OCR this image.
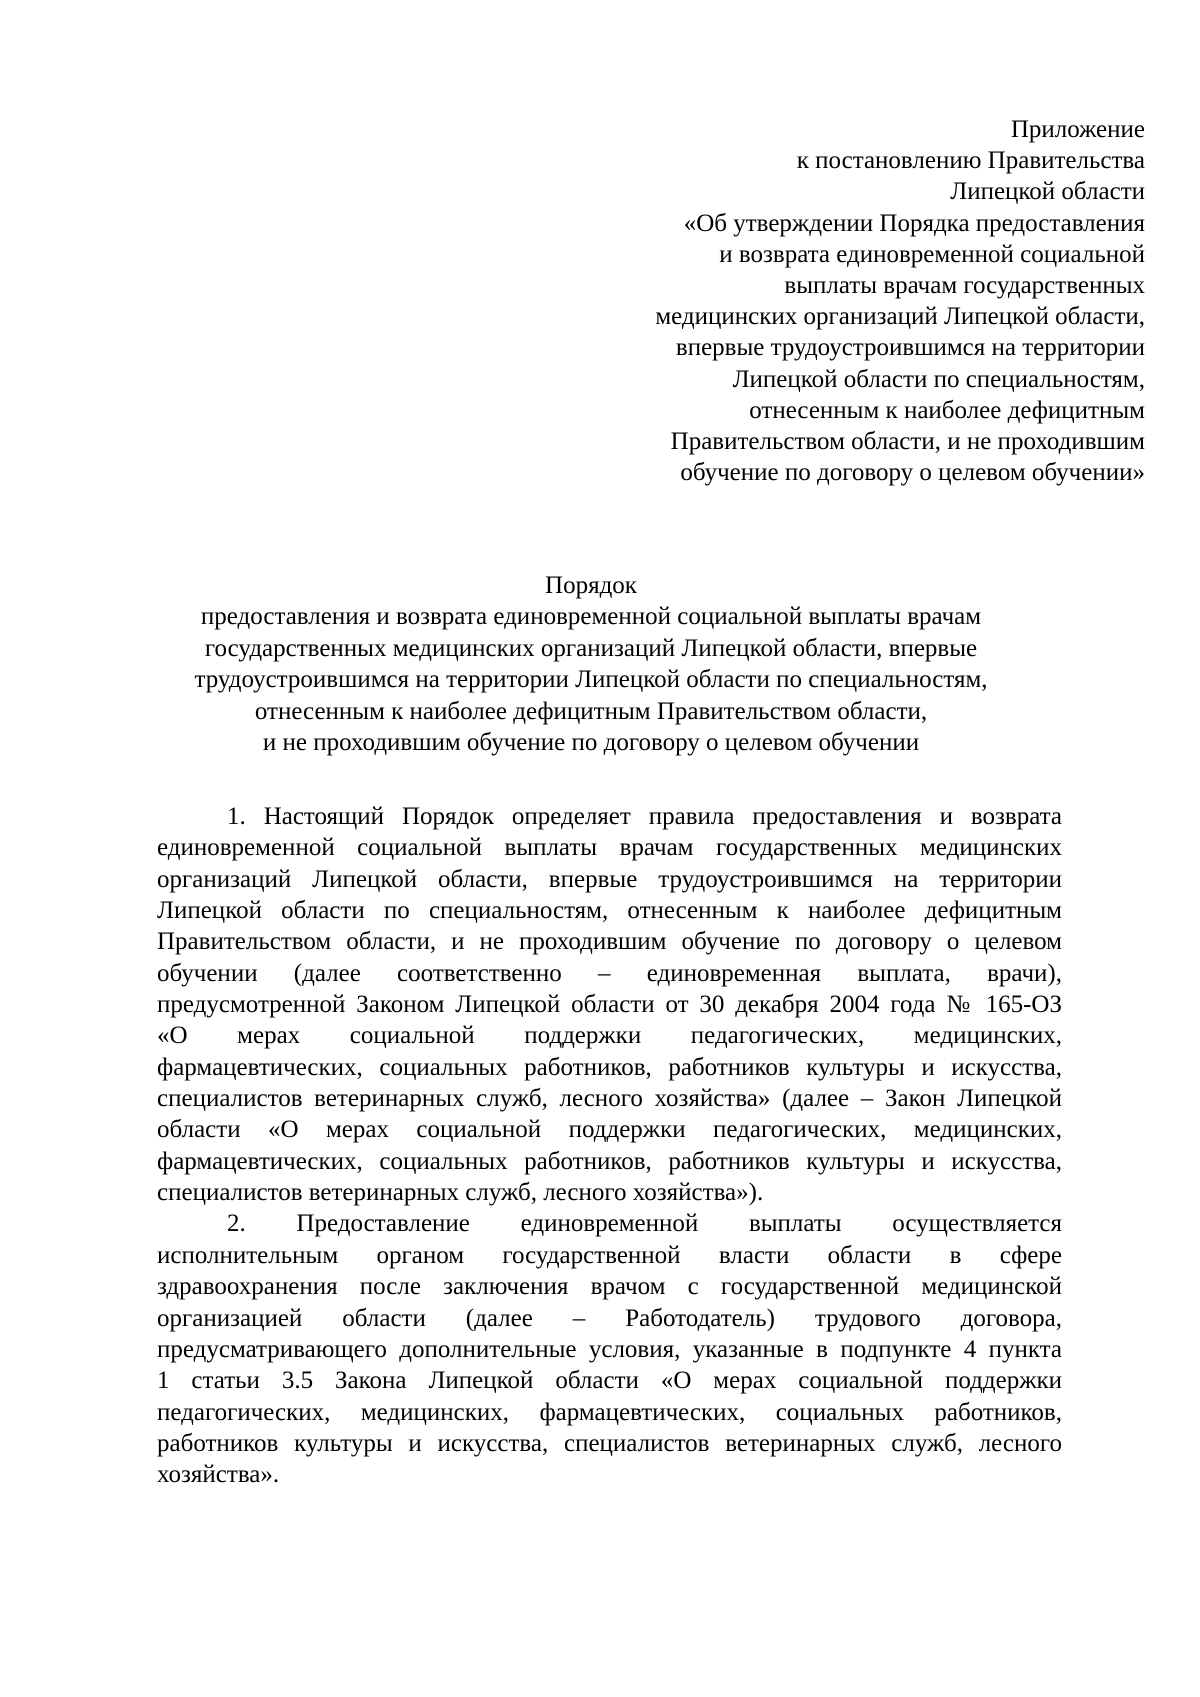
Приложение
к постановлению Правительства
Липецкой области
«Об утверждении Порядка предоставления
и возврата единовременной социальной
выплаты врачам государственных
медицинских организаций Липецкой области,
впервые трудоустроившимся на территории
Липецкой области по специальностям,
отнесенным к наиболее дефицитным
Правительством области, и не проходившим
обучение по договору о целевом обучении»
Порядок
предоставления и возврата единовременной социальной выплаты врачам
государственных медицинских организаций Липецкой области, впервые
трудоустроившимся на территории Липецкой области по специальностям,
отнесенным к наиболее дефицитным Правительством области,
и не проходившим обучение по договору о целевом обучении
1. Настоящий Порядок определяет правила предоставления и возврата
единовременной социальной выплаты врачам государственных медицинских
организаций Липецкой области, впервые трудоустроившимся на территории
Липецкой области по специальностям, отнесенным к наиболее дефицитным
Правительством области, и не проходившим обучение по договору о целевом
обучении (далее соответственно – единовременная выплата, врачи),
предусмотренной Законом Липецкой области от 30 декабря 2004 года № 165-ОЗ
«О мерах социальной поддержки педагогических, медицинских,
фармацевтических, социальных работников, работников культуры и искусства,
специалистов ветеринарных служб, лесного хозяйства» (далее – Закон Липецкой
области «О мерах социальной поддержки педагогических, медицинских,
фармацевтических, социальных работников, работников культуры и искусства,
специалистов ветеринарных служб, лесного хозяйства»).
2. Предоставление единовременной выплаты осуществляется
исполнительным органом государственной власти области в сфере
здравоохранения после заключения врачом с государственной медицинской
организацией области (далее – Работодатель) трудового договора,
предусматривающего дополнительные условия, указанные в подпункте 4 пункта
1 статьи 3.5 Закона Липецкой области «О мерах социальной поддержки
педагогических, медицинских, фармацевтических, социальных работников,
работников культуры и искусства, специалистов ветеринарных служб, лесного
хозяйства».
